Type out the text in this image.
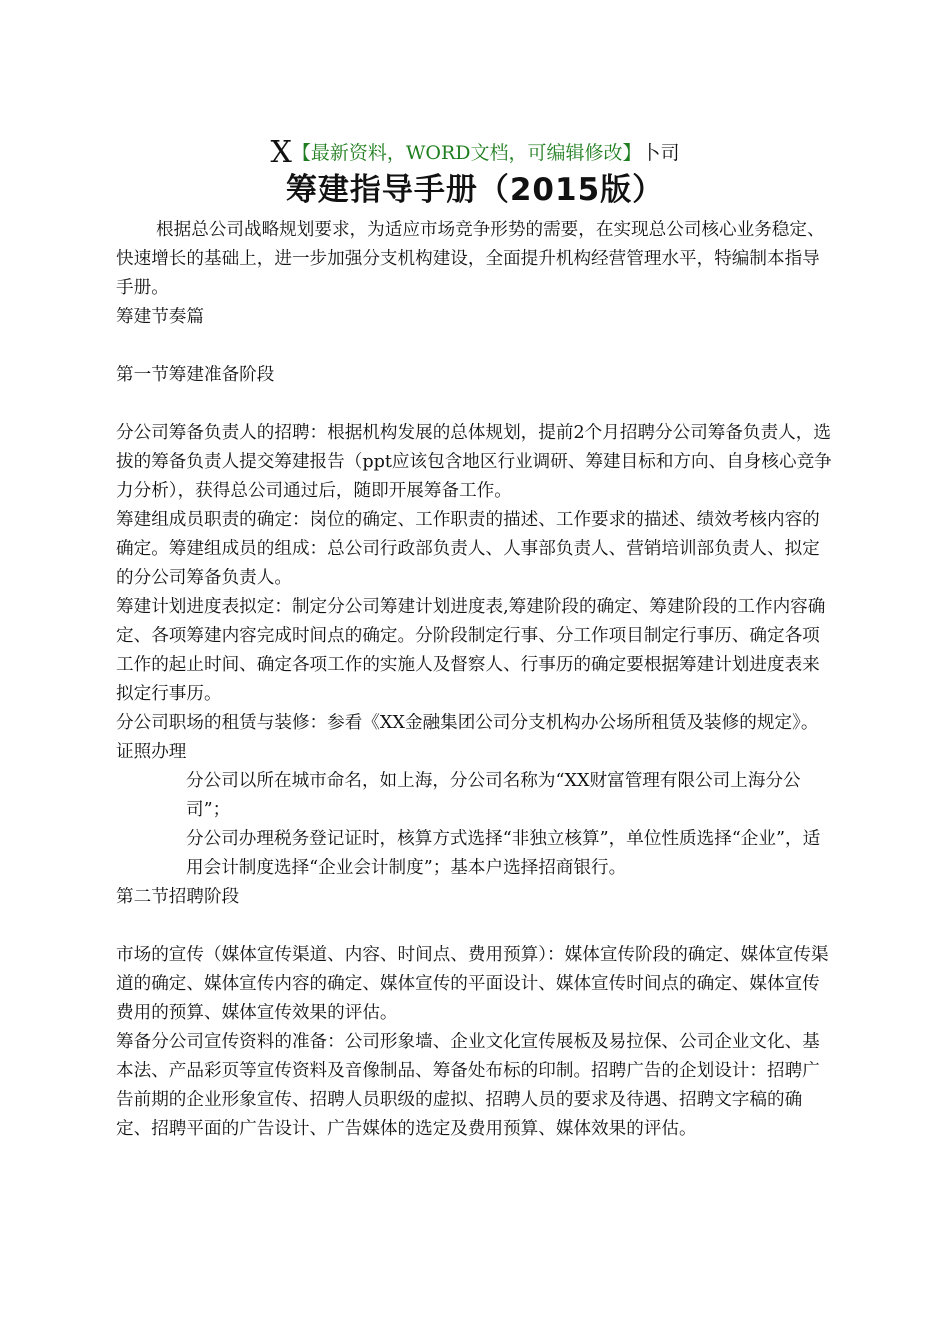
X【最新资料，WORD文档，可编辑修改】卜司
筹建指导手册（2015版）

根据总公司战略规划要求，为适应市场竞争形势的需要，在实现总公司核心业务稳定、快速增长的基础上，进一步加强分支机构建设，全面提升机构经营管理水平，特编制本指导手册。

筹建节奏篇

第一节筹建准备阶段

分公司筹备负责人的招聘：根据机构发展的总体规划，提前2个月招聘分公司筹备负责人，选拔的筹备负责人提交筹建报告（ppt应该包含地区行业调研、筹建目标和方向、自身核心竞争力分析），获得总公司通过后，随即开展筹备工作。

筹建组成员职责的确定：岗位的确定、工作职责的描述、工作要求的描述、绩效考核内容的确定。筹建组成员的组成：总公司行政部负责人、人事部负责人、营销培训部负责人、拟定的分公司筹备负责人。

筹建计划进度表拟定：制定分公司筹建计划进度表,筹建阶段的确定、筹建阶段的工作内容确定、各项筹建内容完成时间点的确定。分阶段制定行事、分工作项目制定行事历、确定各项工作的起止时间、确定各项工作的实施人及督察人、行事历的确定要根据筹建计划进度表来拟定行事历。

分公司职场的租赁与装修：参看《XX金融集团公司分支机构办公场所租赁及装修的规定》。

证照办理

分公司以所在城市命名，如上海，分公司名称为“XX财富管理有限公司上海分公司”；

分公司办理税务登记证时，核算方式选择“非独立核算”，单位性质选择“企业”，适用会计制度选择“企业会计制度”；基本户选择招商银行。

第二节招聘阶段

市场的宣传（媒体宣传渠道、内容、时间点、费用预算）：媒体宣传阶段的确定、媒体宣传渠道的确定、媒体宣传内容的确定、媒体宣传的平面设计、媒体宣传时间点的确定、媒体宣传费用的预算、媒体宣传效果的评估。

筹备分公司宣传资料的准备：公司形象墙、企业文化宣传展板及易拉保、公司企业文化、基本法、产品彩页等宣传资料及音像制品、筹备处布标的印制。招聘广告的企划设计：招聘广告前期的企业形象宣传、招聘人员职级的虚拟、招聘人员的要求及待遇、招聘文字稿的确定、招聘平面的广告设计、广告媒体的选定及费用预算、媒体效果的评估。
